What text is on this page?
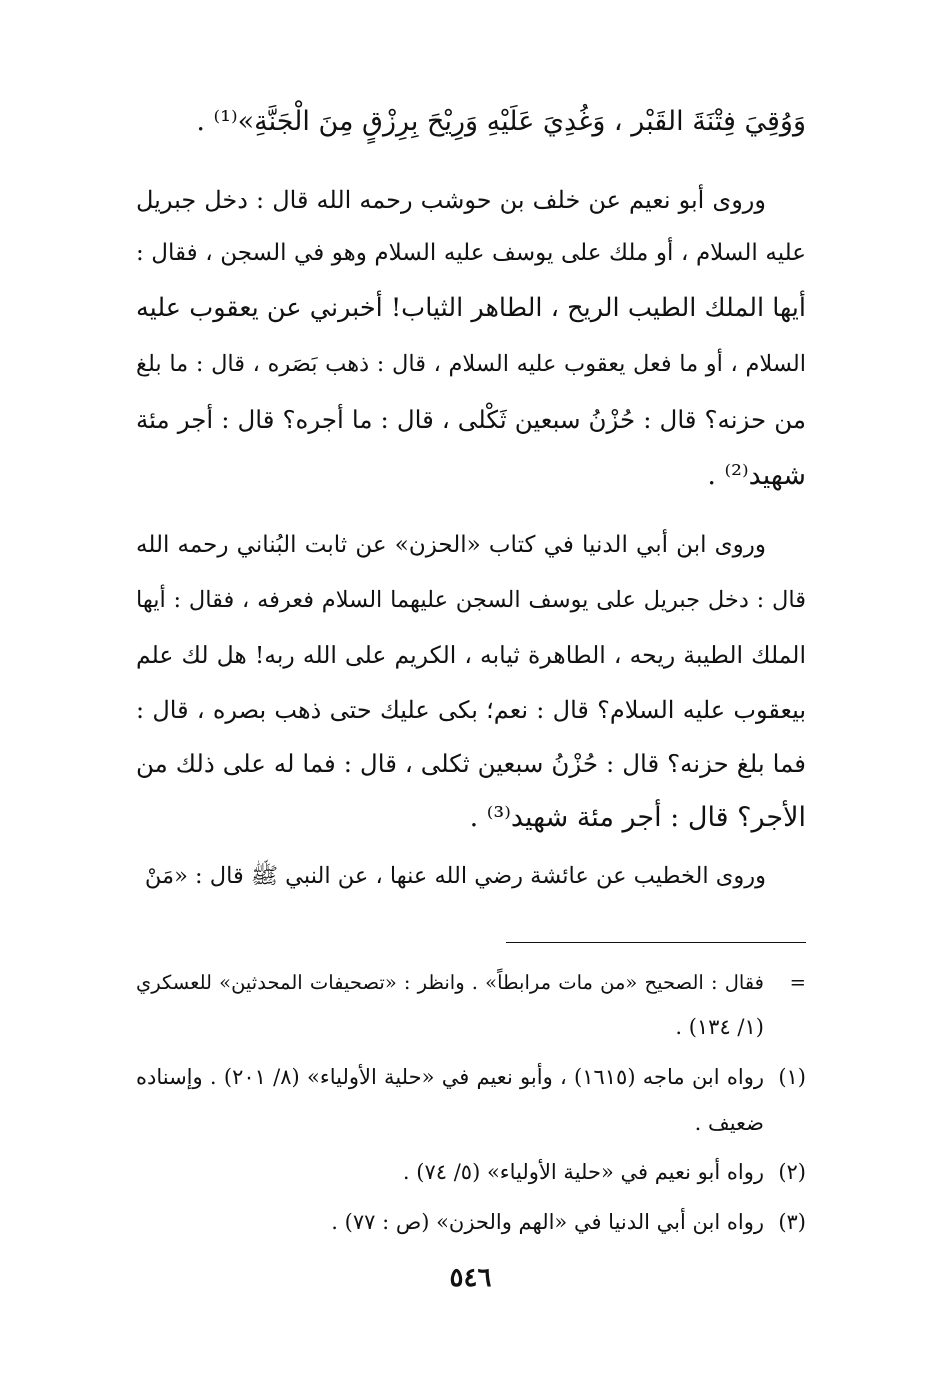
وَوُقِيَ فِتْنَةَ القَبْر ، وَغُدِيَ عَلَيْهِ وَرِيْحَ بِرِزْقٍ مِنَ الْجَنَّةِ»⁽¹⁾ .
وروى أبو نعيم عن خلف بن حوشب رحمه الله قال : دخل جبريل
عليه السلام ، أو ملك على يوسف عليه السلام وهو في السجن ، فقال :
أيها الملك الطيب الريح ، الطاهر الثياب! أخبرني عن يعقوب عليه
السلام ، أو ما فعل يعقوب عليه السلام ، قال : ذهب بَصَره ، قال : ما بلغ
من حزنه؟ قال : حُزْنُ سبعين ثَكْلى ، قال : ما أجره؟ قال : أجر مئة
شهيد⁽²⁾ .
وروى ابن أبي الدنيا في كتاب «الحزن» عن ثابت البُناني رحمه الله
قال : دخل جبريل على يوسف السجن عليهما السلام فعرفه ، فقال : أيها
الملك الطيبة ريحه ، الطاهرة ثيابه ، الكريم على الله ربه! هل لك علم
بيعقوب عليه السلام؟ قال : نعم؛ بكى عليك حتى ذهب بصره ، قال :
فما بلغ حزنه؟ قال : حُزْنُ سبعين ثكلى ، قال : فما له على ذلك من
الأجر؟ قال : أجر مئة شهيد⁽³⁾ .
وروى الخطيب عن عائشة رضي الله عنها ، عن النبي ﷺ قال : «مَنْ
=فقال : الصحيح «من مات مرابطاً» . وانظر : «تصحيفات المحدثين» للعسكري
(١/ ١٣٤) .
(١)رواه ابن ماجه (١٦١٥) ، وأبو نعيم في «حلية الأولياء» (٨/ ٢٠١) . وإسناده
ضعيف .
(٢)رواه أبو نعيم في «حلية الأولياء» (٥/ ٧٤) .
(٣)رواه ابن أبي الدنيا في «الهم والحزن» (ص : ٧٧) .
٥٤٦
